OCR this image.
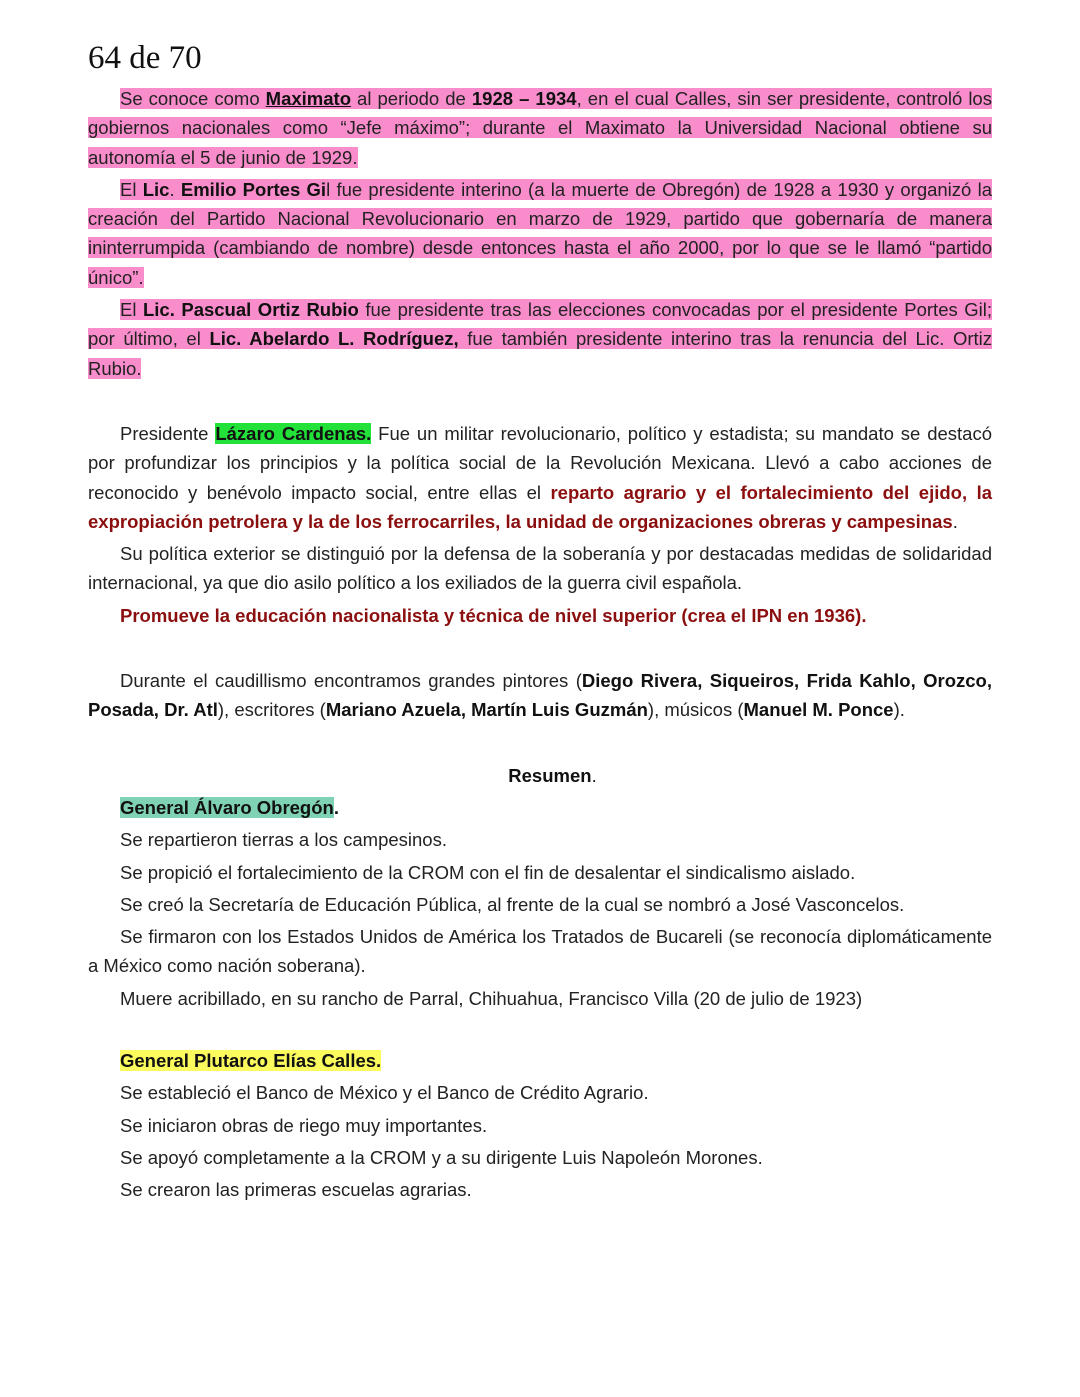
64 de 70

Se conoce como Maximato al periodo de 1928 – 1934, en el cual Calles, sin ser presidente, controló los gobiernos nacionales como “Jefe máximo”; durante el Maximato la Universidad Nacional obtiene su autonomía el 5 de junio de 1929.

El Lic. Emilio Portes Gil fue presidente interino (a la muerte de Obregón) de 1928 a 1930 y organizó la creación del Partido Nacional Revolucionario en marzo de 1929, partido que gobernaría de manera ininterrumpida (cambiando de nombre) desde entonces hasta el año 2000, por lo que se le llamó “partido único”.

El Lic. Pascual Ortiz Rubio fue presidente tras las elecciones convocadas por el presidente Portes Gil; por último, el Lic. Abelardo L. Rodríguez, fue también presidente interino tras la renuncia del Lic. Ortiz Rubio.

Presidente Lázaro Cardenas. Fue un militar revolucionario, político y estadista; su mandato se destacó por profundizar los principios y la política social de la Revolución Mexicana. Llevó a cabo acciones de reconocido y benévolo impacto social, entre ellas el reparto agrario y el fortalecimiento del ejido, la expropiación petrolera y la de los ferrocarriles, la unidad de organizaciones obreras y campesinas.

Su política exterior se distinguió por la defensa de la soberanía y por destacadas medidas de solidaridad internacional, ya que dio asilo político a los exiliados de la guerra civil española.

Promueve la educación nacionalista y técnica de nivel superior (crea el IPN en 1936).

Durante el caudillismo encontramos grandes pintores (Diego Rivera, Siqueiros, Frida Kahlo, Orozco, Posada, Dr. Atl), escritores (Mariano Azuela, Martín Luis Guzmán), músicos (Manuel M. Ponce).

Resumen.

General Álvaro Obregón.

Se repartieron tierras a los campesinos.

Se propició el fortalecimiento de la CROM con el fin de desalentar el sindicalismo aislado.

Se creó la Secretaría de Educación Pública, al frente de la cual se nombró a José Vasconcelos.

Se firmaron con los Estados Unidos de América los Tratados de Bucareli (se reconocía diplomáticamente a México como nación soberana).

Muere acribillado, en su rancho de Parral, Chihuahua, Francisco Villa (20 de julio de 1923)

General Plutarco Elías Calles.

Se estableció el Banco de México y el Banco de Crédito Agrario.

Se iniciaron obras de riego muy importantes.

Se apoyó completamente a la CROM y a su dirigente Luis Napoleón Morones.

Se crearon las primeras escuelas agrarias.
